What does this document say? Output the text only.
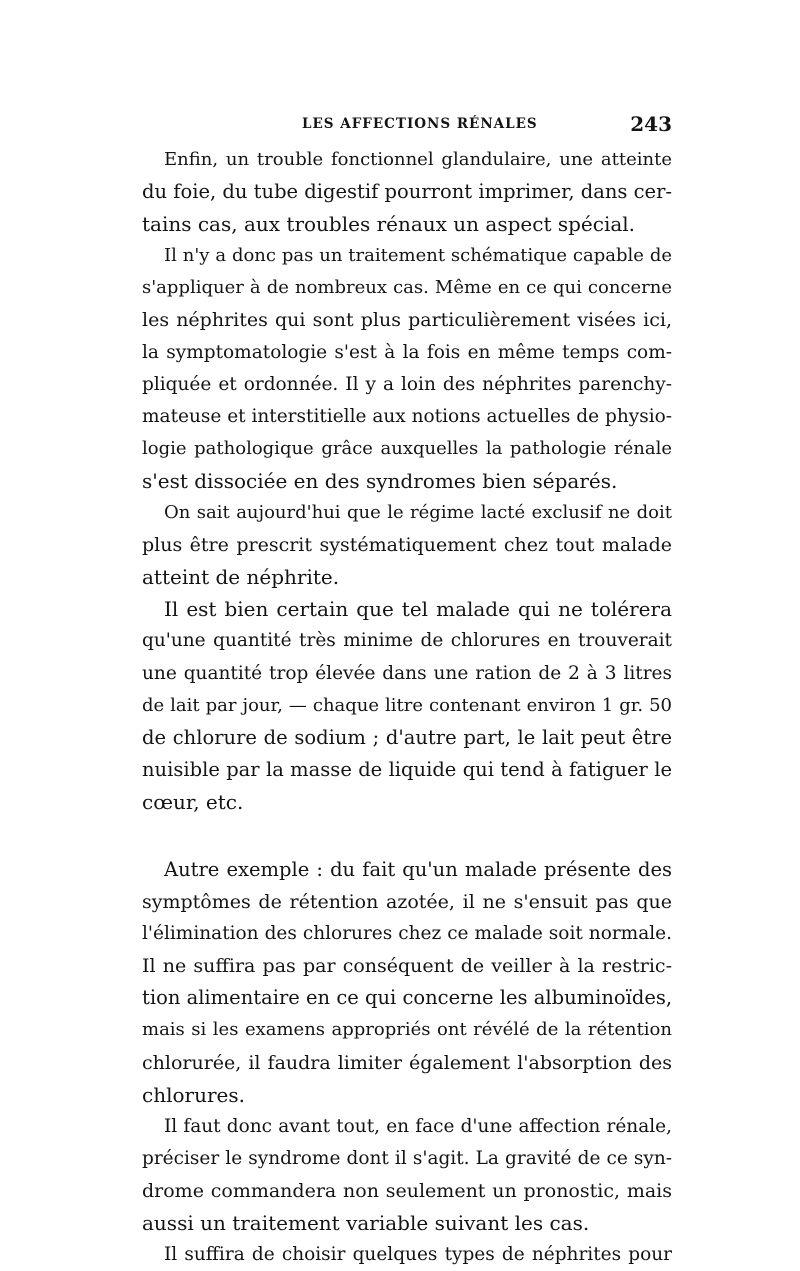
LES AFFECTIONS RÉNALES	243
Enfin, un trouble fonctionnel glandulaire, une atteinte
du foie, du tube digestif pourront imprimer, dans cer-
tains cas, aux troubles rénaux un aspect spécial.
Il n'y a donc pas un traitement schématique capable de
s'appliquer à de nombreux cas. Même en ce qui concerne
les néphrites qui sont plus particulièrement visées ici,
la symptomatologie s'est à la fois en même temps com-
pliquée et ordonnée. Il y a loin des néphrites parenchy-
mateuse et interstitielle aux notions actuelles de physio-
logie pathologique grâce auxquelles la pathologie rénale
s'est dissociée en des syndromes bien séparés.
On sait aujourd'hui que le régime lacté exclusif ne doit
plus être prescrit systématiquement chez tout malade
atteint de néphrite.
Il est bien certain que tel malade qui ne tolérera
qu'une quantité très minime de chlorures en trouverait
une quantité trop élevée dans une ration de 2 à 3 litres
de lait par jour, — chaque litre contenant environ 1 gr. 50
de chlorure de sodium ; d'autre part, le lait peut être
nuisible par la masse de liquide qui tend à fatiguer le
cœur, etc.
Autre exemple : du fait qu'un malade présente des
symptômes de rétention azotée, il ne s'ensuit pas que
l'élimination des chlorures chez ce malade soit normale.
Il ne suffira pas par conséquent de veiller à la restric-
tion alimentaire en ce qui concerne les albuminoïdes,
mais si les examens appropriés ont révélé de la rétention
chlorurée, il faudra limiter également l'absorption des
chlorures.
Il faut donc avant tout, en face d'une affection rénale,
préciser le syndrome dont il s'agit. La gravité de ce syn-
drome commandera non seulement un pronostic, mais
aussi un traitement variable suivant les cas.
Il suffira de choisir quelques types de néphrites pour
